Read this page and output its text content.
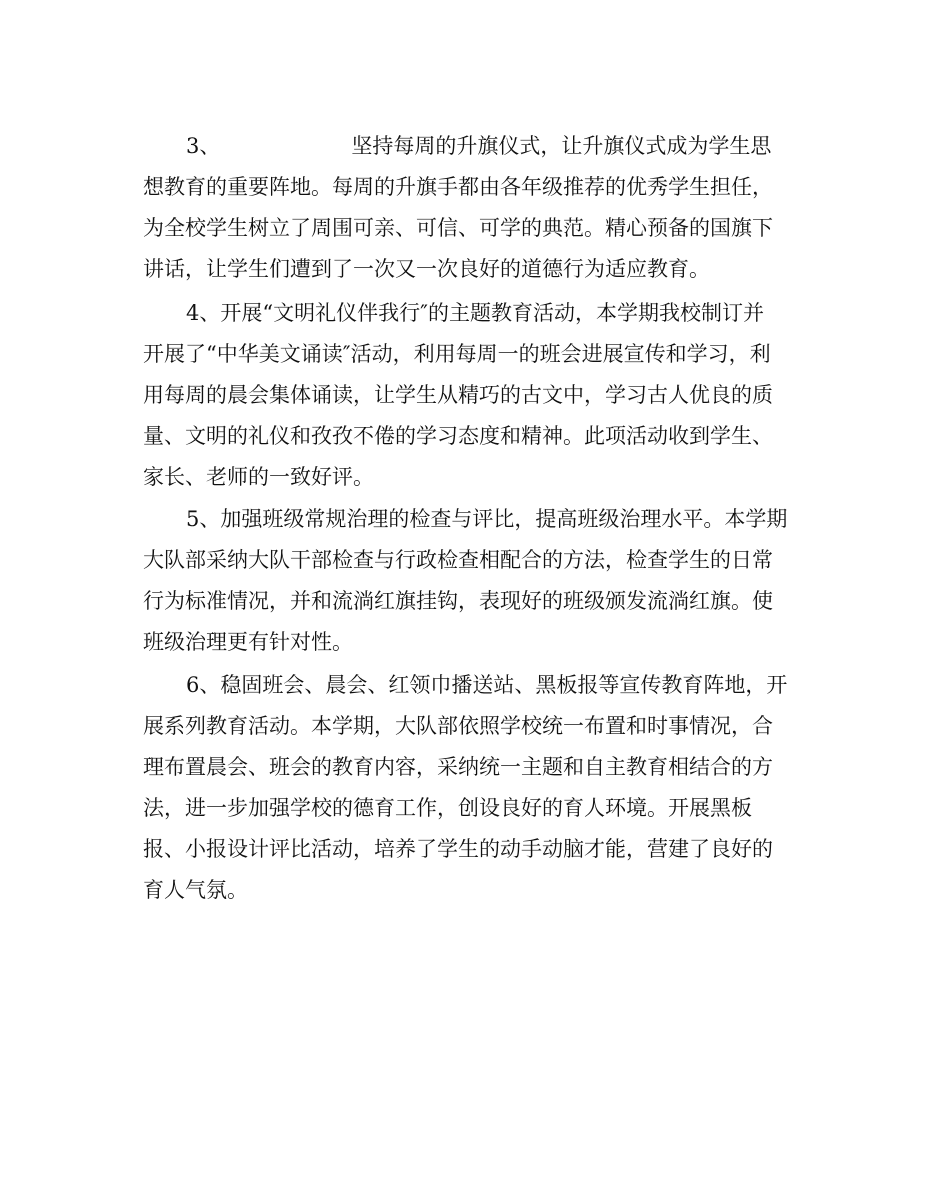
3、	坚持每周的升旗仪式，让升旗仪式成为学生思
想教育的重要阵地。每周的升旗手都由各年级推荐的优秀学生担任，
为全校学生树立了周围可亲、可信、可学的典范。精心预备的国旗下
讲话，让学生们遭到了一次又一次良好的道德行为适应教育。
4、开展“文明礼仪伴我行″的主题教育活动，本学期我校制订并
开展了“中华美文诵读″活动，利用每周一的班会进展宣传和学习，利
用每周的晨会集体诵读，让学生从精巧的古文中，学习古人优良的质
量、文明的礼仪和孜孜不倦的学习态度和精神。此项活动收到学生、
家长、老师的一致好评。
5、加强班级常规治理的检查与评比，提高班级治理水平。本学期
大队部采纳大队干部检查与行政检查相配合的方法，检查学生的日常
行为标准情况，并和流淌红旗挂钩，表现好的班级颁发流淌红旗。使
班级治理更有针对性。
6、稳固班会、晨会、红领巾播送站、黑板报等宣传教育阵地，开
展系列教育活动。本学期，大队部依照学校统一布置和时事情况，合
理布置晨会、班会的教育内容，采纳统一主题和自主教育相结合的方
法，进一步加强学校的德育工作，创设良好的育人环境。开展黑板
报、小报设计评比活动，培养了学生的动手动脑才能，营建了良好的
育人气氛。
